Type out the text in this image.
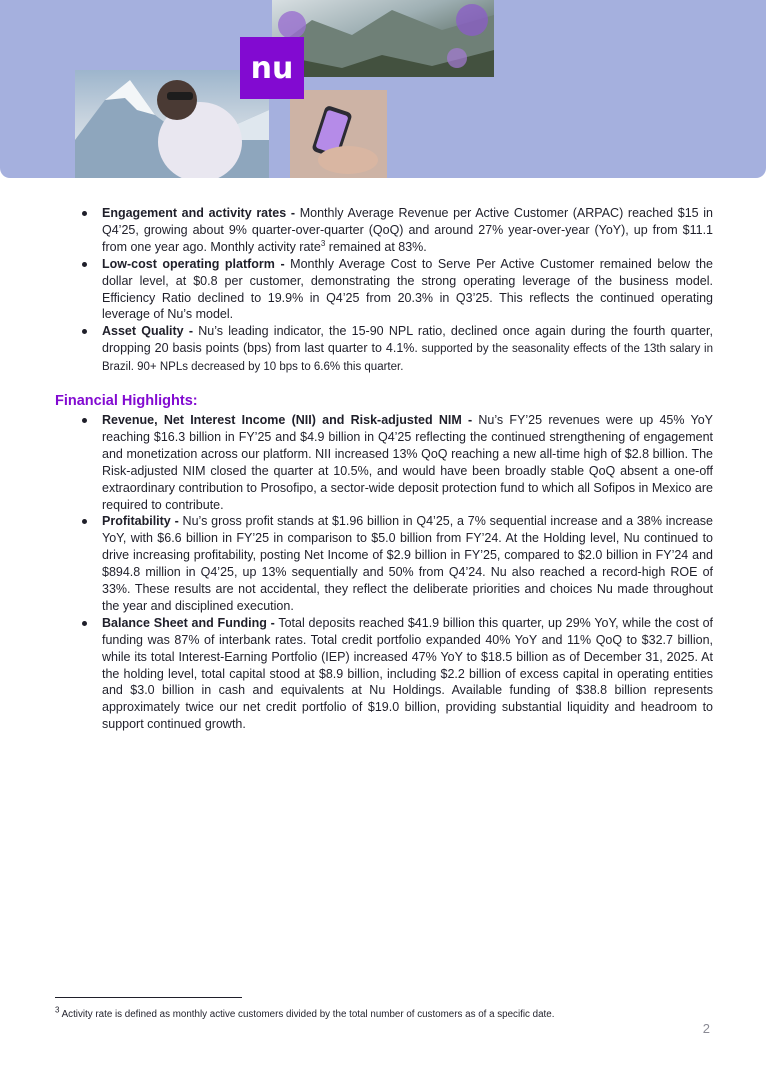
nu
Engagement and activity rates - Monthly Average Revenue per Active Customer (ARPAC) reached $15 in Q4’25, growing about 9% quarter-over-quarter (QoQ) and around 27% year-over-year (YoY), up from $11.1 from one year ago. Monthly activity rate$^3$ remained at 83%.
Low-cost operating platform - Monthly Average Cost to Serve Per Active Customer remained below the dollar level, at $0.8 per customer, demonstrating the strong operating leverage of the business model. Efficiency Ratio declined to 19.9% in Q4’25 from 20.3% in Q3’25. This reflects the continued operating leverage of Nu’s model.
Asset Quality - Nu’s leading indicator, the 15-90 NPL ratio, declined once again during the fourth quarter, dropping 20 basis points (bps) from last quarter to 4.1%. supported by the seasonality effects of the 13th salary in Brazil. 90+ NPLs decreased by 10 bps to 6.6% this quarter.
Financial Highlights:
Revenue, Net Interest Income (NII) and Risk-adjusted NIM - Nu’s FY’25 revenues were up 45% YoY reaching $16.3 billion in FY’25 and $4.9 billion in Q4’25 reflecting the continued strengthening of engagement and monetization across our platform. NII increased 13% QoQ reaching a new all-time high of $2.8 billion. The Risk-adjusted NIM closed the quarter at 10.5%, and would have been broadly stable QoQ absent a one-off extraordinary contribution to Prosofipo, a sector-wide deposit protection fund to which all Sofipos in Mexico are required to contribute.
Profitability - Nu’s gross profit stands at $1.96 billion in Q4’25, a 7% sequential increase and a 38% increase YoY, with $6.6 billion in FY’25 in comparison to $5.0 billion from FY’24. At the Holding level, Nu continued to drive increasing profitability, posting Net Income of $2.9 billion in FY’25, compared to $2.0 billion in FY’24 and $894.8 million in Q4’25, up 13% sequentially and 50% from Q4’24. Nu also reached a record-high ROE of 33%. These results are not accidental, they reflect the deliberate priorities and choices Nu made throughout the year and disciplined execution.
Balance Sheet and Funding - Total deposits reached $41.9 billion this quarter, up 29% YoY, while the cost of funding was 87% of interbank rates. Total credit portfolio expanded 40% YoY and 11% QoQ to $32.7 billion, while its total Interest-Earning Portfolio (IEP) increased 47% YoY to $18.5 billion as of December 31, 2025. At the holding level, total capital stood at $8.9 billion, including $2.2 billion of excess capital in operating entities and $3.0 billion in cash and equivalents at Nu Holdings. Available funding of $38.8 billion represents approximately twice our net credit portfolio of $19.0 billion, providing substantial liquidity and headroom to support continued growth.
$^3$ Activity rate is defined as monthly active customers divided by the total number of customers as of a specific date.
2
